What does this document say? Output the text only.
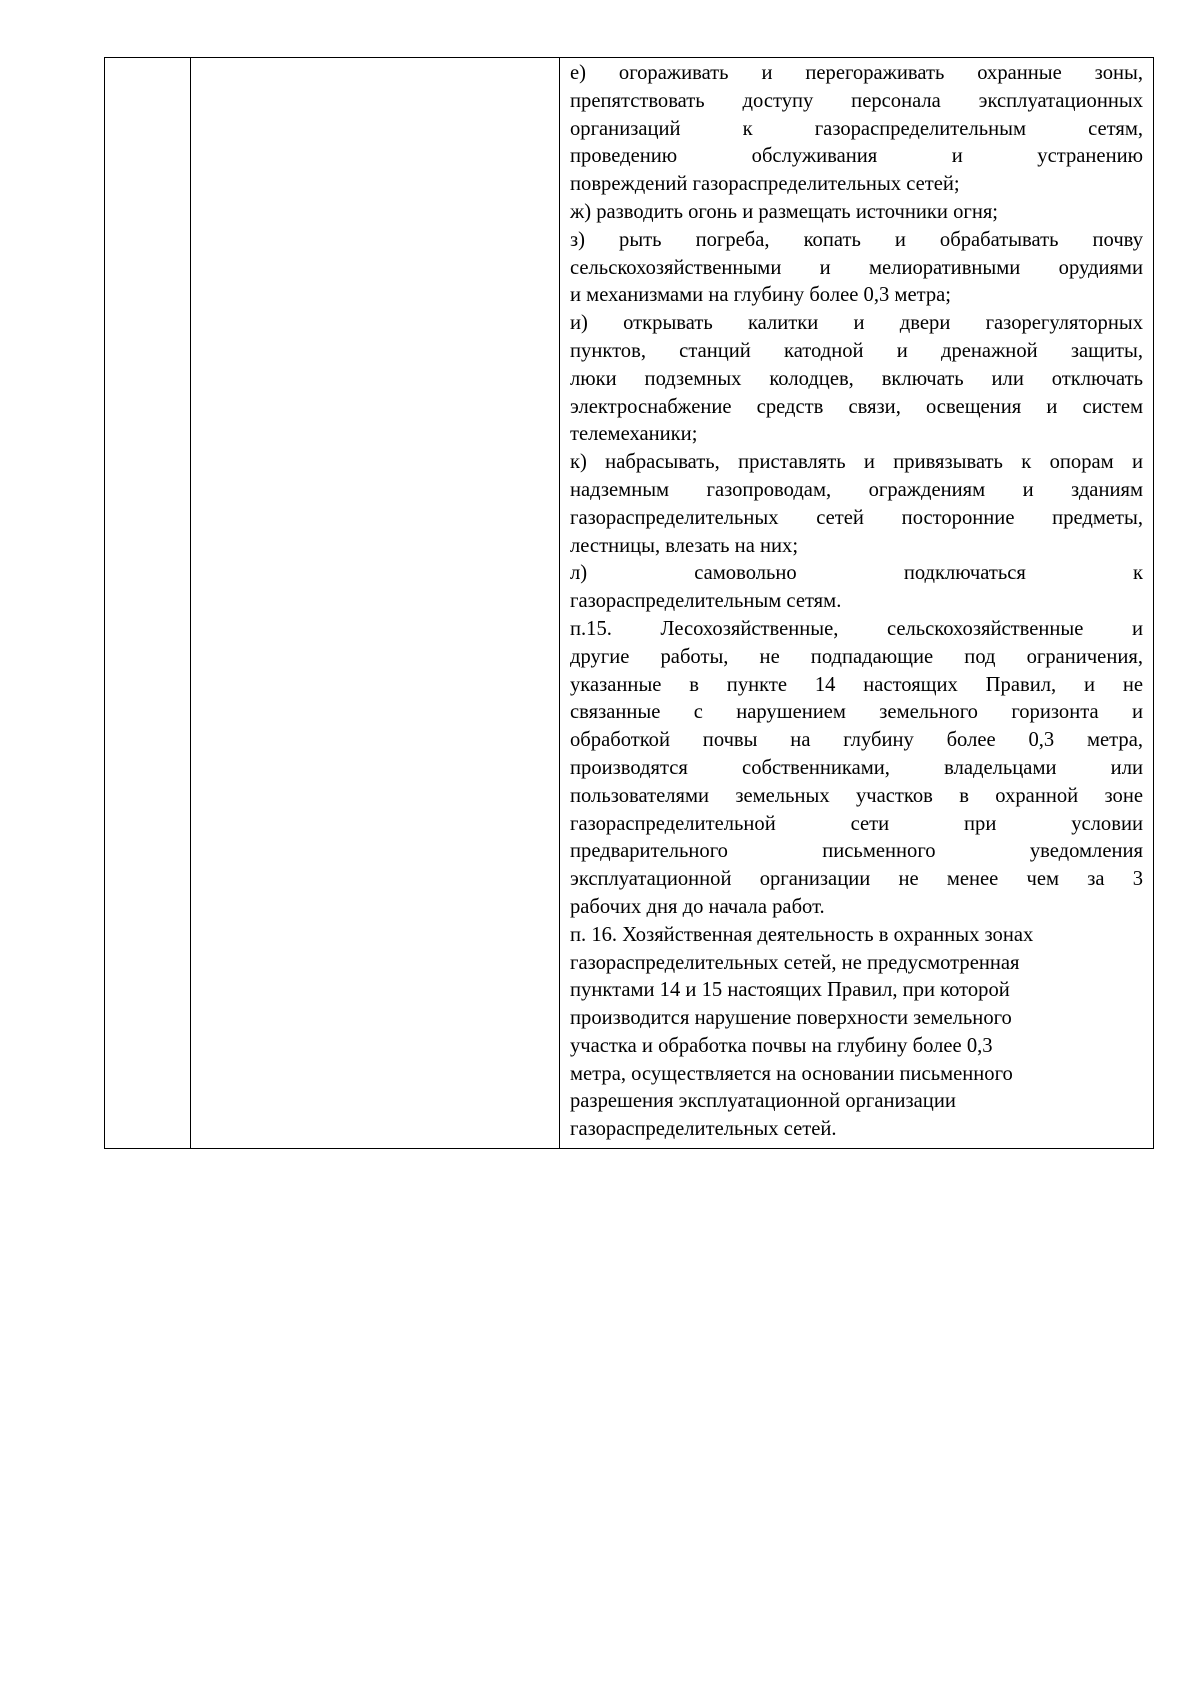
е) огораживать и перегораживать охранные зоны,
препятствовать доступу персонала эксплуатационных
организаций к газораспределительным сетям,
проведению обслуживания и устранению
повреждений газораспределительных сетей;
ж) разводить огонь и размещать источники огня;
з) рыть погреба, копать и обрабатывать почву
сельскохозяйственными и мелиоративными орудиями
и механизмами на глубину более 0,3 метра;
и) открывать калитки и двери газорегуляторных
пунктов, станций катодной и дренажной защиты,
люки подземных колодцев, включать или отключать
электроснабжение средств связи, освещения и систем
телемеханики;
к) набрасывать, приставлять и привязывать к опорам и
надземным газопроводам, ограждениям и зданиям
газораспределительных сетей посторонние предметы,
лестницы, влезать на них;
л) самовольно подключаться к
газораспределительным сетям.
п.15. Лесохозяйственные, сельскохозяйственные и
другие работы, не подпадающие под ограничения,
указанные в пункте 14 настоящих Правил, и не
связанные с нарушением земельного горизонта и
обработкой почвы на глубину более 0,3 метра,
производятся собственниками, владельцами или
пользователями земельных участков в охранной зоне
газораспределительной сети при условии
предварительного письменного уведомления
эксплуатационной организации не менее чем за 3
рабочих дня до начала работ.
п. 16. Хозяйственная деятельность в охранных зонах
газораспределительных сетей, не предусмотренная
пунктами 14 и 15 настоящих Правил, при которой
производится нарушение поверхности земельного
участка и обработка почвы на глубину более 0,3
метра, осуществляется на основании письменного
разрешения эксплуатационной организации
газораспределительных сетей.
